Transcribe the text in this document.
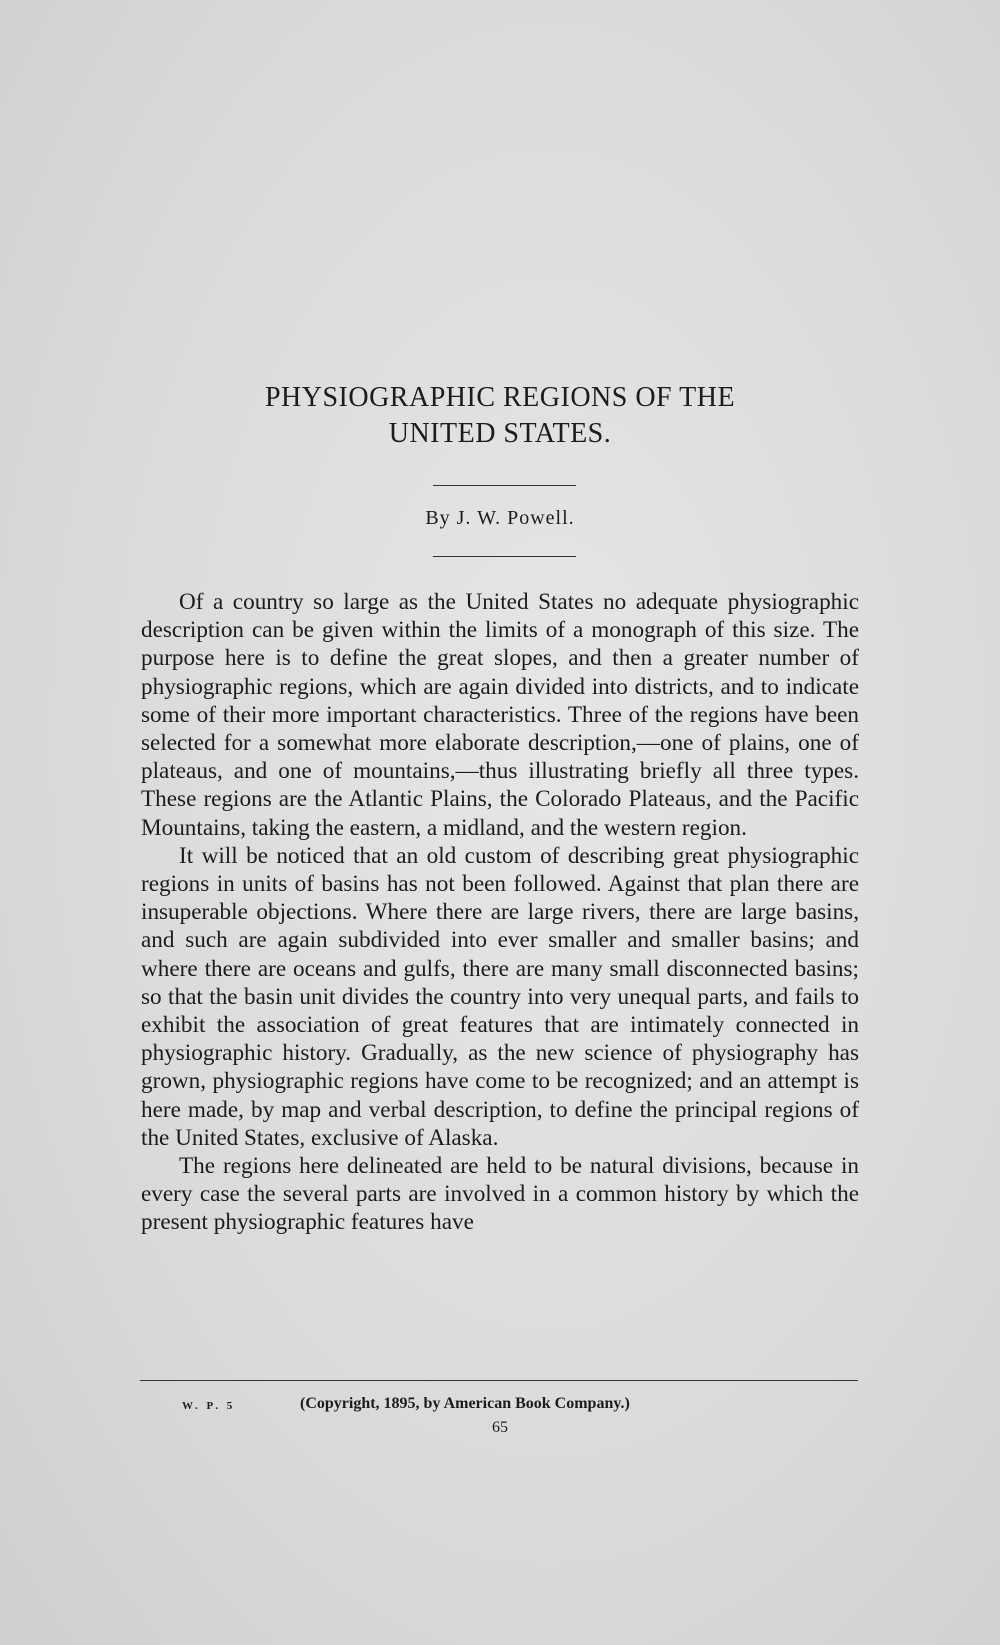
PHYSIOGRAPHIC REGIONS OF THE
UNITED STATES.
By J. W. Powell.

Of a country so large as the United States no adequate physiographic description can be given within the limits of a monograph of this size. The purpose here is to define the great slopes, and then a greater number of physiographic regions, which are again divided into districts, and to indicate some of their more important characteristics. Three of the regions have been selected for a somewhat more elaborate description,—one of plains, one of plateaus, and one of mountains,—thus illustrating briefly all three types. These regions are the Atlantic Plains, the Colorado Plateaus, and the Pacific Mountains, taking the eastern, a midland, and the western region.

It will be noticed that an old custom of describing great physiographic regions in units of basins has not been followed. Against that plan there are insuperable objections. Where there are large rivers, there are large basins, and such are again subdivided into ever smaller and smaller basins; and where there are oceans and gulfs, there are many small disconnected basins; so that the basin unit divides the country into very unequal parts, and fails to exhibit the association of great features that are intimately connected in physiographic history. Gradually, as the new science of physiography has grown, physiographic regions have come to be recognized; and an attempt is here made, by map and verbal description, to define the principal regions of the United States, exclusive of Alaska.

The regions here delineated are held to be natural divisions, because in every case the several parts are involved in a common history by which the present physiographic features have

W. P. 5	(Copyright, 1895, by American Book Company.)
65
